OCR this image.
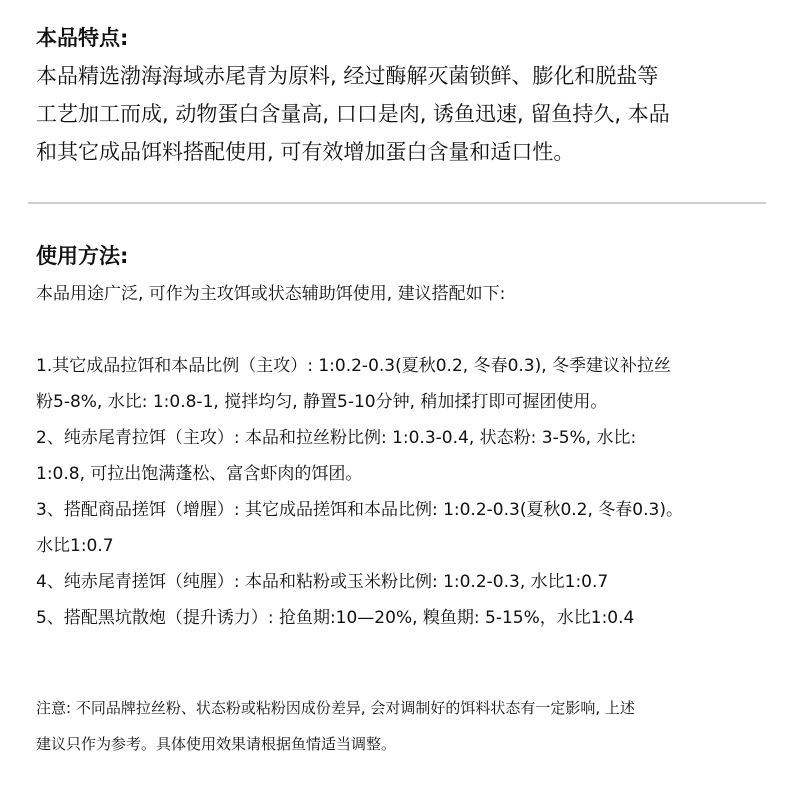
本品特点:

本品精选渤海海域赤尾青为原料, 经过酶解灭菌锁鲜、膨化和脱盐等

工艺加工而成, 动物蛋白含量高, 口口是肉, 诱鱼迅速, 留鱼持久, 本品

和其它成品饵料搭配使用, 可有效增加蛋白含量和适口性。

使用方法:

本品用途广泛, 可作为主攻饵或状态辅助饵使用, 建议搭配如下:

1.其它成品拉饵和本品比例（主攻）: 1:0.2-0.3(夏秋0.2, 冬春0.3), 冬季建议补拉丝

粉5-8%, 水比: 1:0.8-1, 搅拌均匀, 静置5-10分钟, 稍加揉打即可握团使用。

2、纯赤尾青拉饵（主攻）: 本品和拉丝粉比例: 1:0.3-0.4, 状态粉: 3-5%, 水比:

1:0.8, 可拉出饱满蓬松、富含虾肉的饵团。

3、搭配商品搓饵（增腥）: 其它成品搓饵和本品比例: 1:0.2-0.3(夏秋0.2, 冬春0.3)。

水比1:0.7

4、纯赤尾青搓饵（纯腥）: 本品和粘粉或玉米粉比例: 1:0.2-0.3, 水比1:0.7

5、搭配黑坑散炮（提升诱力）: 抢鱼期:10—20%, 糗鱼期: 5-15%，水比1:0.4

注意: 不同品牌拉丝粉、状态粉或粘粉因成份差异, 会对调制好的饵料状态有一定影响, 上述

建议只作为参考。具体使用效果请根据鱼情适当调整。
